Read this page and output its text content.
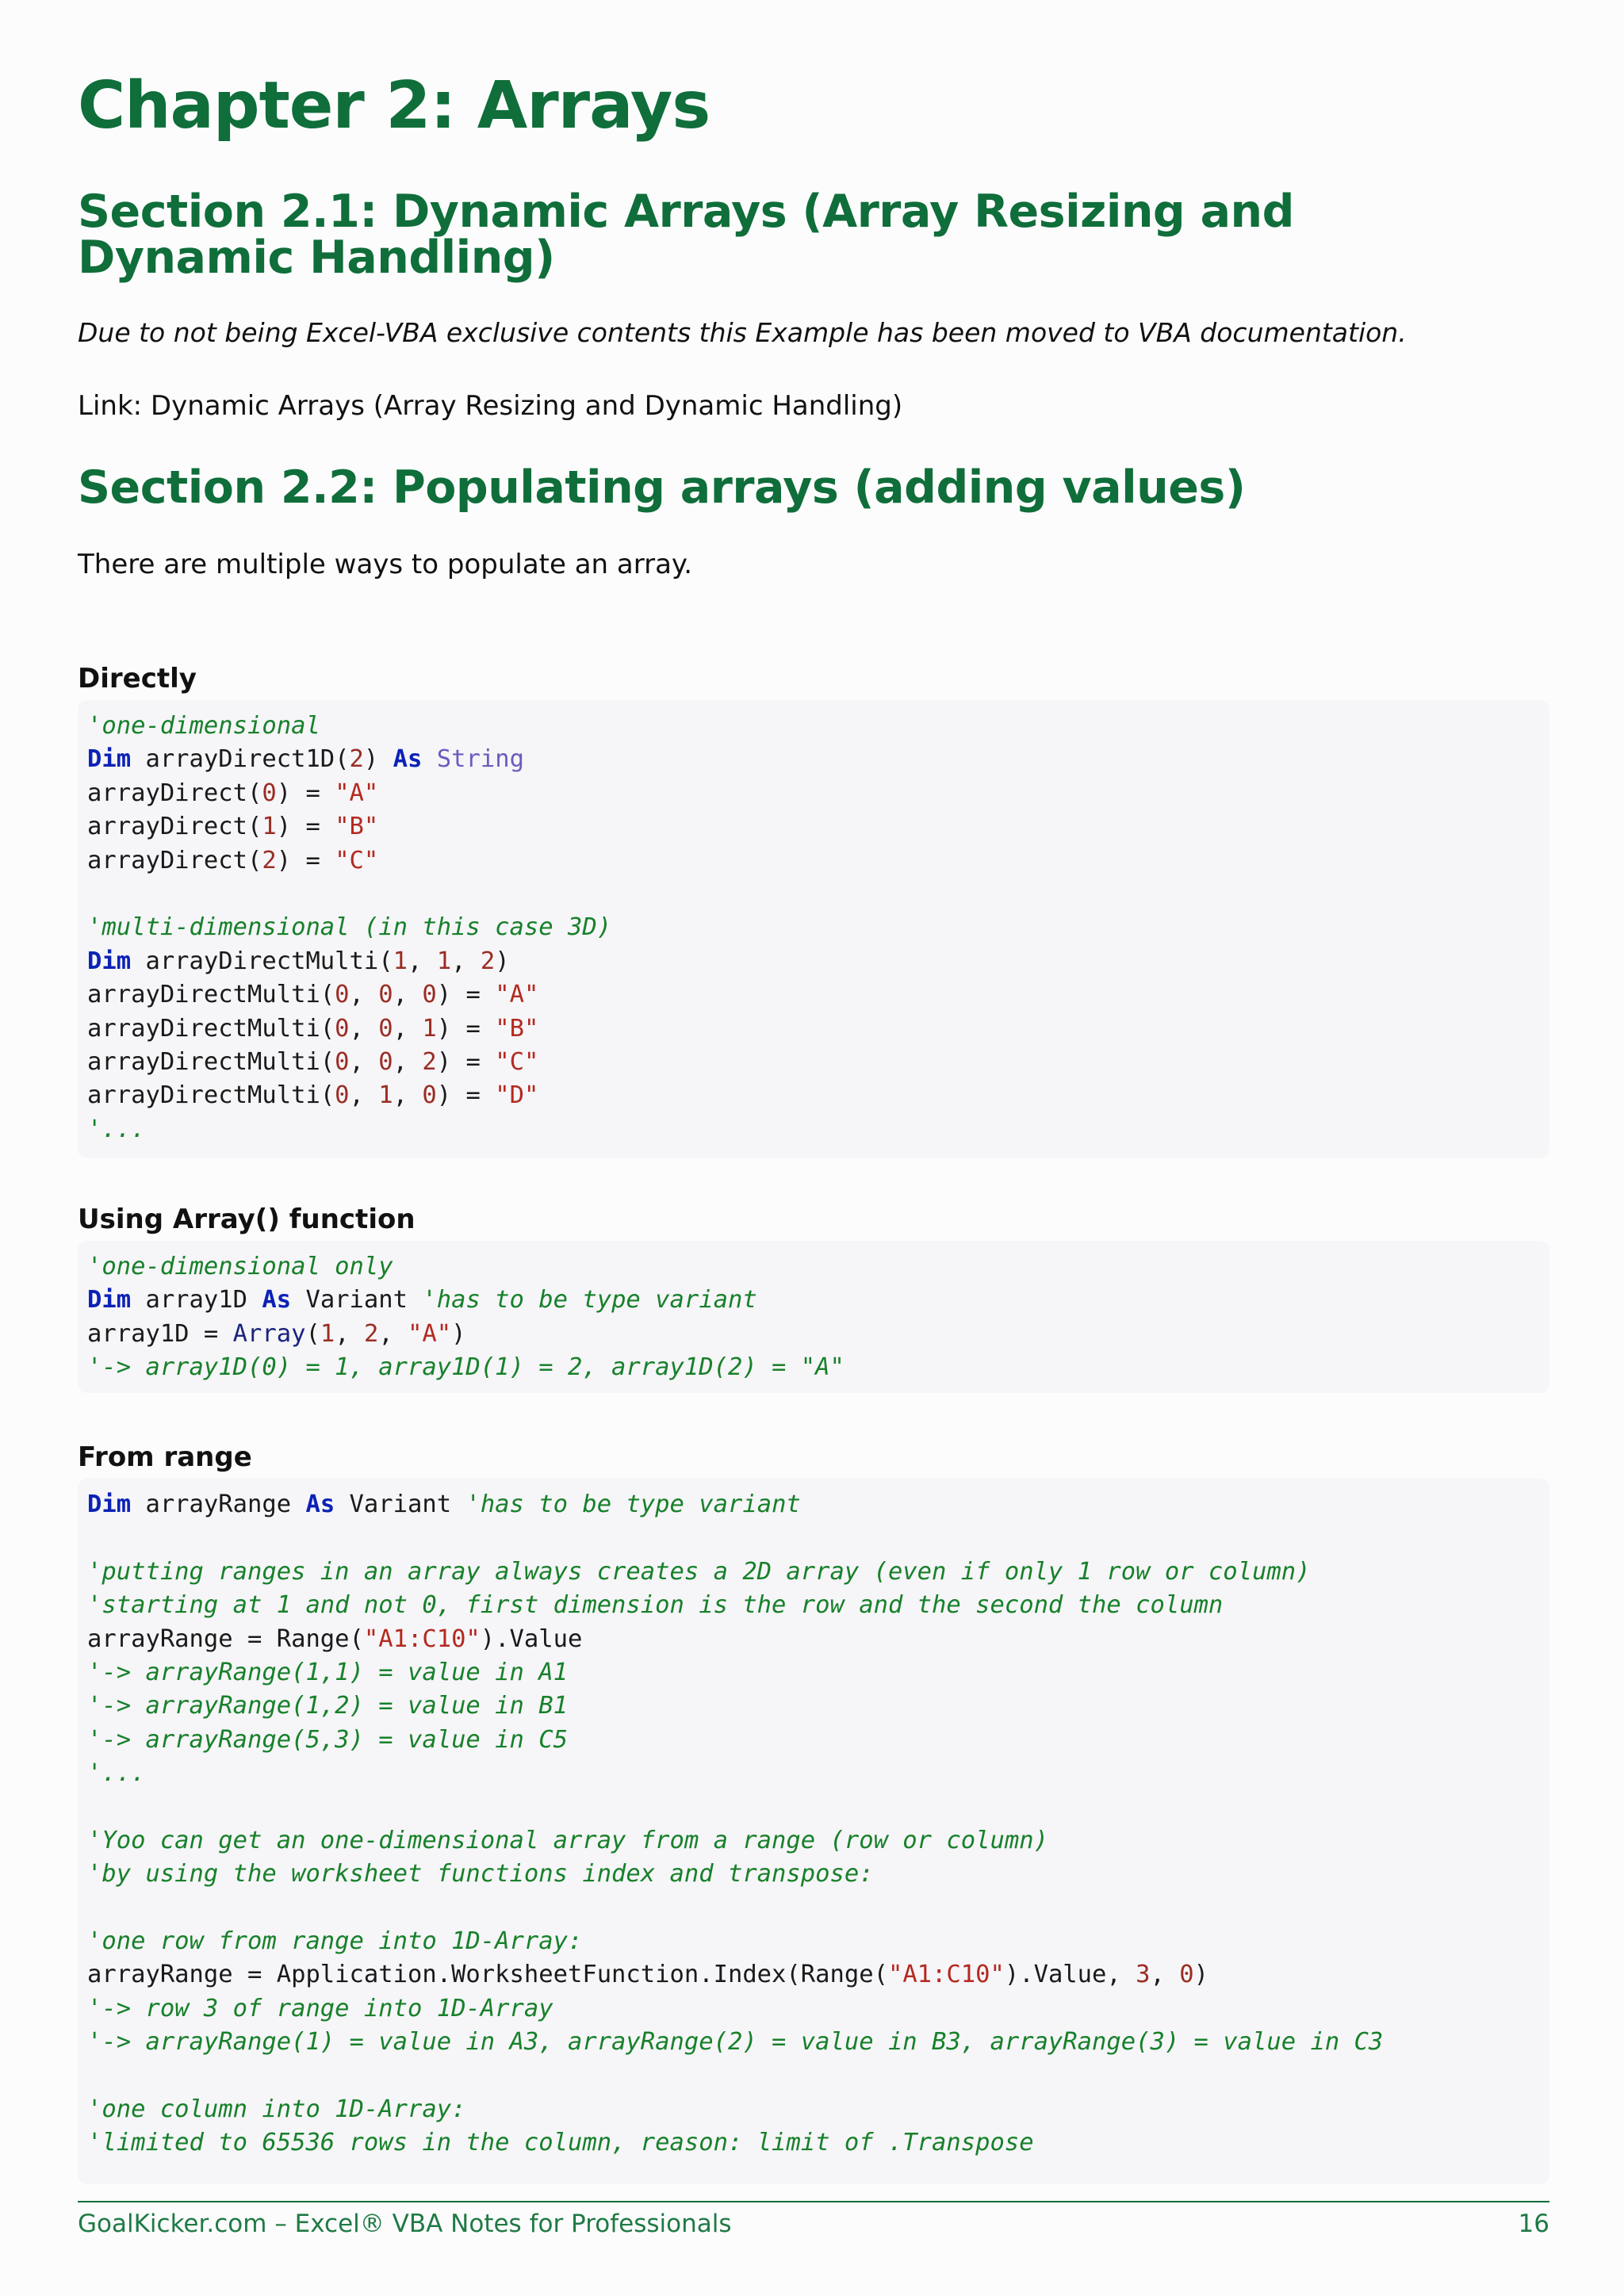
Chapter 2: Arrays
Section 2.1: Dynamic Arrays (Array Resizing and Dynamic Handling)

Due to not being Excel-VBA exclusive contents this Example has been moved to VBA documentation.

Link: Dynamic Arrays (Array Resizing and Dynamic Handling)

Section 2.2: Populating arrays (adding values)

There are multiple ways to populate an array.

Directly
'one-dimensional
Dim arrayDirect1D(2) As String
arrayDirect(0) = "A"
arrayDirect(1) = "B"
arrayDirect(2) = "C"

'multi-dimensional (in this case 3D)
Dim arrayDirectMulti(1, 1, 2)
arrayDirectMulti(0, 0, 0) = "A"
arrayDirectMulti(0, 0, 1) = "B"
arrayDirectMulti(0, 0, 2) = "C"
arrayDirectMulti(0, 1, 0) = "D"
'...
Using Array() function
'one-dimensional only
Dim array1D As Variant 'has to be type variant
array1D = Array(1, 2, "A")
'-> array1D(0) = 1, array1D(1) = 2, array1D(2) = "A"
From range
Dim arrayRange As Variant 'has to be type variant

'putting ranges in an array always creates a 2D array (even if only 1 row or column)
'starting at 1 and not 0, first dimension is the row and the second the column
arrayRange = Range("A1:C10").Value
'-> arrayRange(1,1) = value in A1
'-> arrayRange(1,2) = value in B1
'-> arrayRange(5,3) = value in C5
'...

'Yoo can get an one-dimensional array from a range (row or column)
'by using the worksheet functions index and transpose:

'one row from range into 1D-Array:
arrayRange = Application.WorksheetFunction.Index(Range("A1:C10").Value, 3, 0)
'-> row 3 of range into 1D-Array
'-> arrayRange(1) = value in A3, arrayRange(2) = value in B3, arrayRange(3) = value in C3

'one column into 1D-Array:
'limited to 65536 rows in the column, reason: limit of .Transpose
GoalKicker.com – Excel® VBA Notes for Professionals	16
